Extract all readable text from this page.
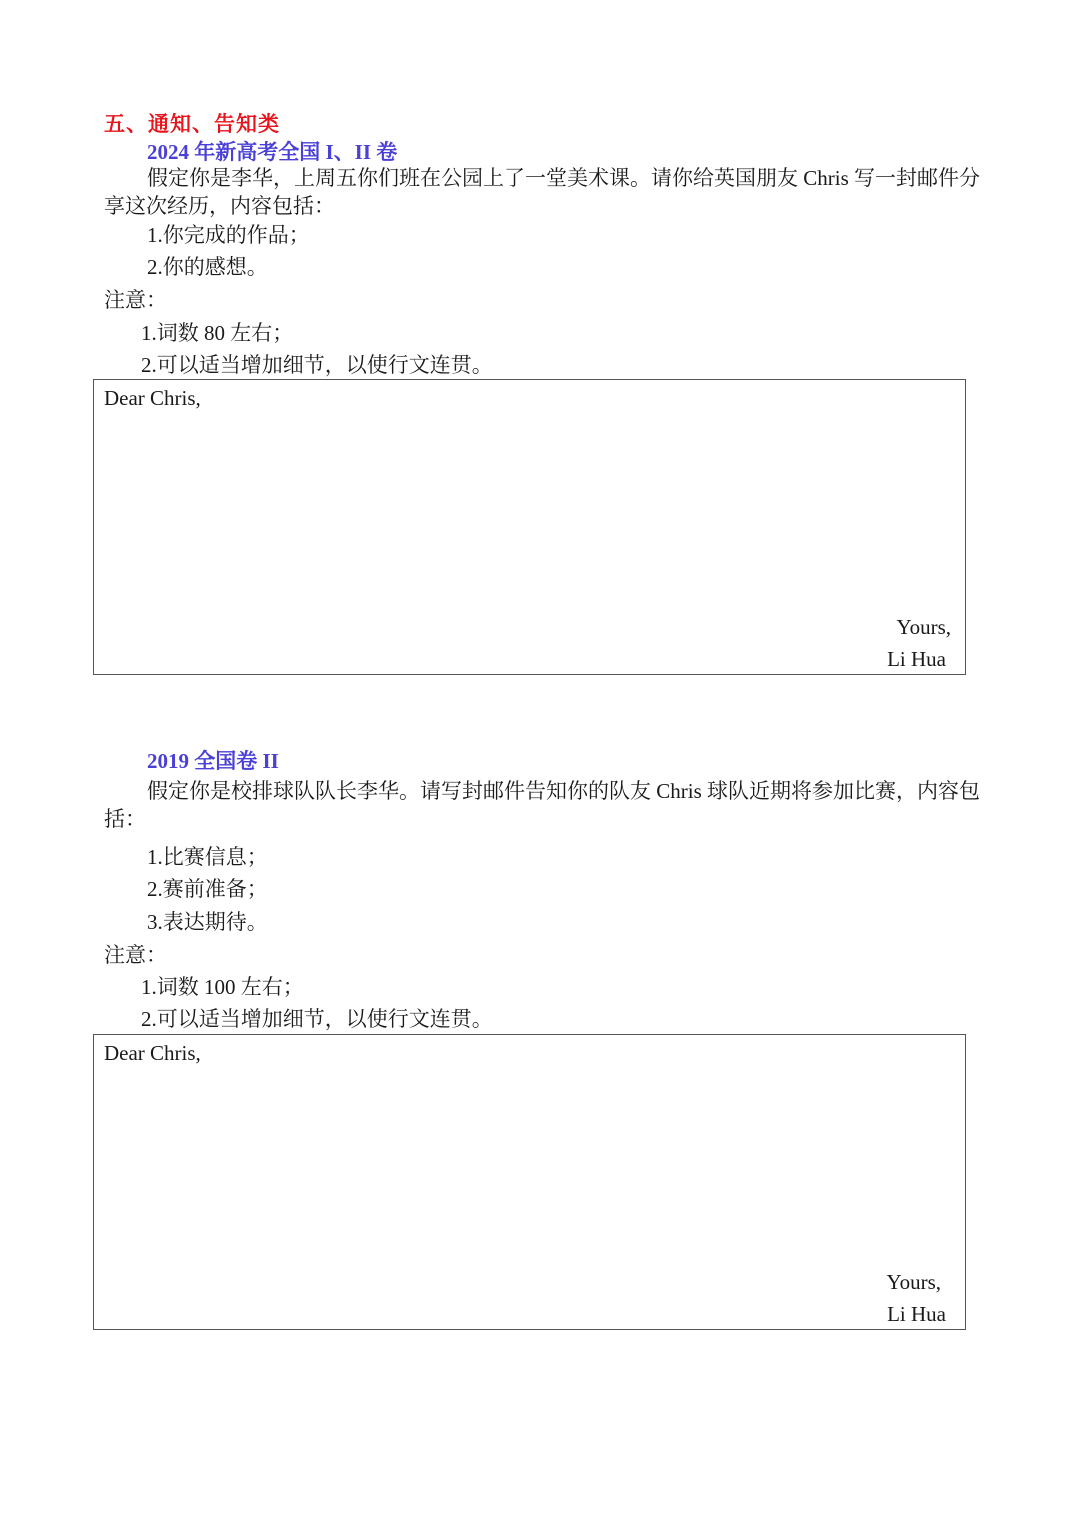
五、通知、告知类
2024 年新高考全国 I、II 卷
假定你是李华，上周五你们班在公园上了一堂美术课。请你给英国朋友 Chris 写一封邮件分享这次经历，内容包括：
1.你完成的作品；
2.你的感想。
注意：
1.词数 80 左右；
2.可以适当增加细节，以使行文连贯。
Dear Chris,
Yours,
Li Hua
2019 全国卷 II
假定你是校排球队队长李华。请写封邮件告知你的队友 Chris 球队近期将参加比赛，内容包括：
1.比赛信息；
2.赛前准备；
3.表达期待。
注意：
1.词数 100 左右；
2.可以适当增加细节，以使行文连贯。
Dear Chris,
Yours,
Li Hua
